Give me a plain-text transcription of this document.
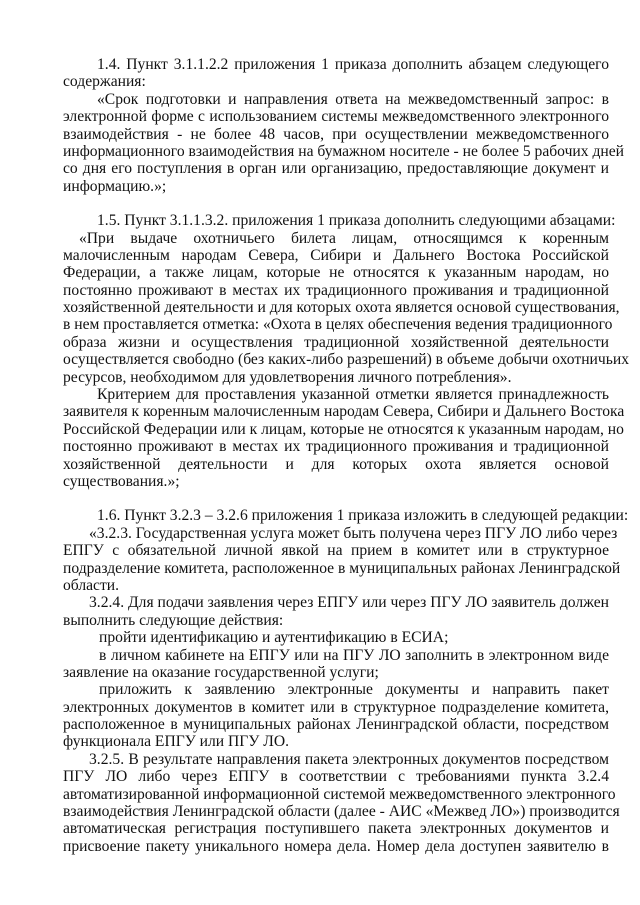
1.4. Пункт 3.1.1.2.2 приложения 1 приказа дополнить абзацем следующего
содержания:
«Срок подготовки и направления ответа на межведомственный запрос: в
электронной форме с использованием системы межведомственного электронного
взаимодействия - не более 48 часов, при осуществлении межведомственного
информационного взаимодействия на бумажном носителе - не более 5 рабочих дней
со дня его поступления в орган или организацию, предоставляющие документ и
информацию.»;
1.5. Пункт 3.1.1.3.2. приложения 1 приказа дополнить следующими абзацами:
«При выдаче охотничьего билета лицам, относящимся к коренным
малочисленным народам Севера, Сибири и Дальнего Востока Российской
Федерации, а также лицам, которые не относятся к указанным народам, но
постоянно проживают в местах их традиционного проживания и традиционной
хозяйственной деятельности и для которых охота является основой существования,
в нем проставляется отметка: «Охота в целях обеспечения ведения традиционного
образа жизни и осуществления традиционной хозяйственной деятельности
осуществляется свободно (без каких-либо разрешений) в объеме добычи охотничьих
ресурсов, необходимом для удовлетворения личного потребления».
Критерием для проставления указанной отметки является принадлежность
заявителя к коренным малочисленным народам Севера, Сибири и Дальнего Востока
Российской Федерации или к лицам, которые не относятся к указанным народам, но
постоянно проживают в местах их традиционного проживания и традиционной
хозяйственной деятельности и для которых охота является основой
существования.»;
1.6. Пункт 3.2.3 – 3.2.6 приложения 1 приказа изложить в следующей редакции:
«3.2.3. Государственная услуга может быть получена через ПГУ ЛО либо через
ЕПГУ с обязательной личной явкой на прием в комитет или в структурное
подразделение комитета, расположенное в муниципальных районах Ленинградской
области.
3.2.4. Для подачи заявления через ЕПГУ или через ПГУ ЛО заявитель должен
выполнить следующие действия:
пройти идентификацию и аутентификацию в ЕСИА;
в личном кабинете на ЕПГУ или на ПГУ ЛО заполнить в электронном виде
заявление на оказание государственной услуги;
приложить к заявлению электронные документы и направить пакет
электронных документов в комитет или в структурное подразделение комитета,
расположенное в муниципальных районах Ленинградской области, посредством
функционала ЕПГУ или ПГУ ЛО.
3.2.5. В результате направления пакета электронных документов посредством
ПГУ ЛО либо через ЕПГУ в соответствии с требованиями пункта 3.2.4
автоматизированной информационной системой межведомственного электронного
взаимодействия Ленинградской области (далее - АИС «Межвед ЛО») производится
автоматическая регистрация поступившего пакета электронных документов и
присвоение пакету уникального номера дела. Номер дела доступен заявителю в
